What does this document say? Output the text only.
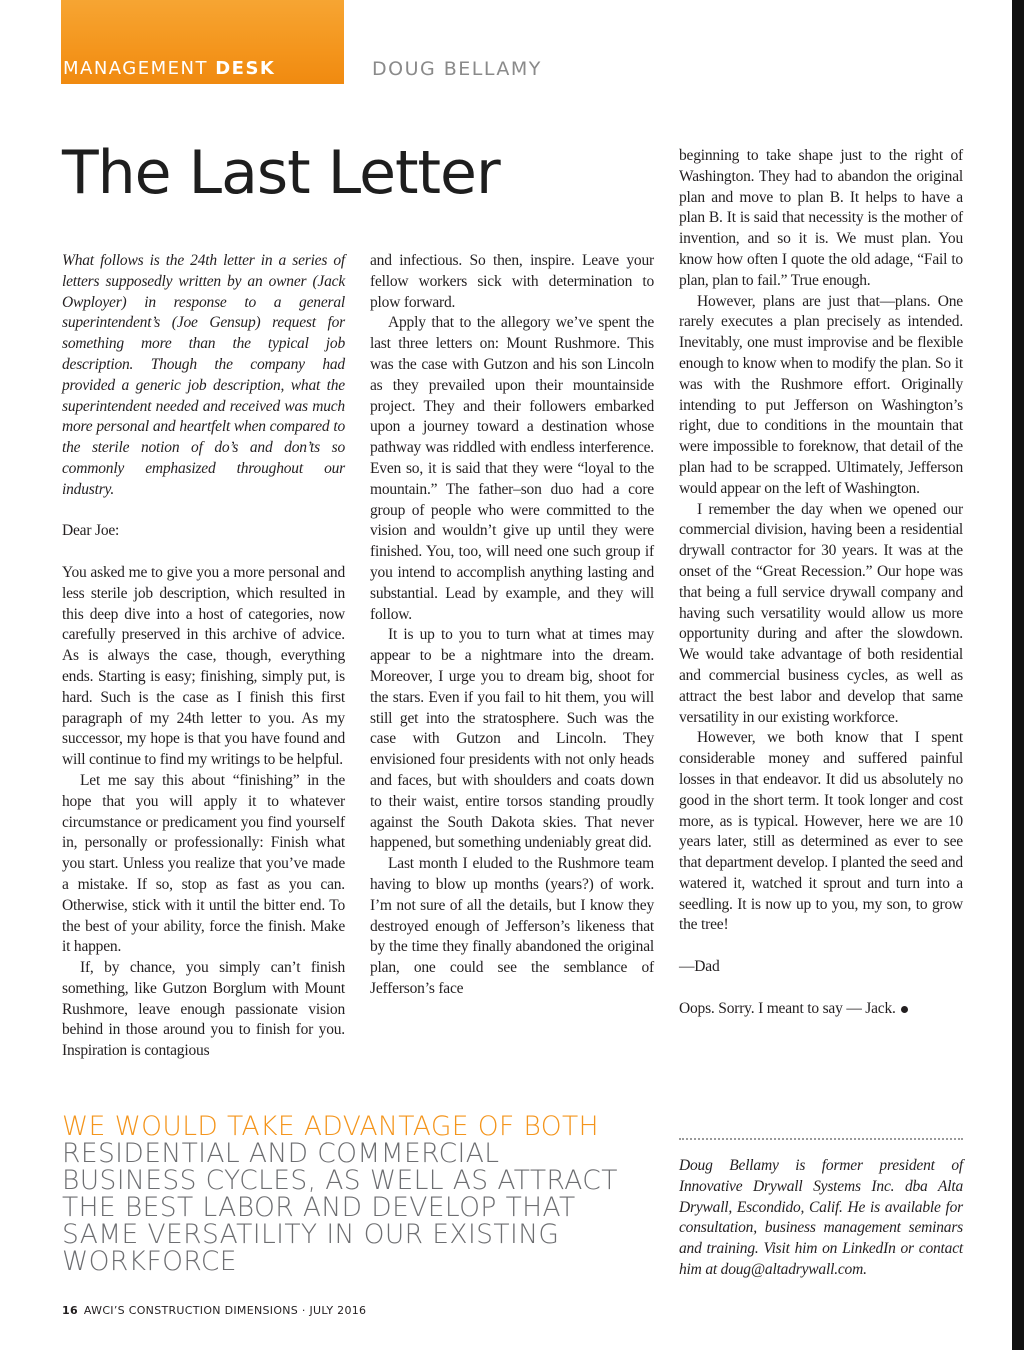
MANAGEMENT DESK	DOUG BELLAMY
The Last Letter

What follows is the 24th letter in a series of letters supposedly written by an owner (Jack Owployer) in response to a general superintendent’s (Joe Gensup) request for something more than the typical job description. Though the company had provided a generic job description, what the superintendent needed and received was much more personal and heartfelt when compared to the sterile notion of do’s and don’ts so commonly emphasized throughout our industry.

Dear Joe:

You asked me to give you a more personal and less sterile job description, which resulted in this deep dive into a host of categories, now carefully preserved in this archive of advice. As is always the case, though, everything ends. Starting is easy; finishing, simply put, is hard. Such is the case as I finish this first paragraph of my 24th letter to you. As my successor, my hope is that you have found and will continue to find my writings to be helpful.

Let me say this about “finishing” in the hope that you will apply it to whatever circumstance or predicament you find yourself in, personally or professionally: Finish what you start. Unless you realize that you’ve made a mistake. If so, stop as fast as you can. Otherwise, stick with it until the bitter end. To the best of your ability, force the finish. Make it happen.

If, by chance, you simply can’t finish something, like Gutzon Borglum with Mount Rushmore, leave enough passionate vision behind in those around you to finish for you. Inspiration is contagious

and infectious. So then, inspire. Leave your fellow workers sick with determination to plow forward.

Apply that to the allegory we’ve spent the last three letters on: Mount Rushmore. This was the case with Gutzon and his son Lincoln as they prevailed upon their mountainside project. They and their followers embarked upon a journey toward a destination whose pathway was riddled with endless interference. Even so, it is said that they were “loyal to the mountain.” The father–son duo had a core group of people who were committed to the vision and wouldn’t give up until they were finished. You, too, will need one such group if you intend to accomplish anything lasting and substantial. Lead by example, and they will follow.

It is up to you to turn what at times may appear to be a nightmare into the dream. Moreover, I urge you to dream big, shoot for the stars. Even if you fail to hit them, you will still get into the stratosphere. Such was the case with Gutzon and Lincoln. They envisioned four presidents with not only heads and faces, but with shoulders and coats down to their waist, entire torsos standing proudly against the South Dakota skies. That never happened, but something undeniably great did.

Last month I eluded to the Rushmore team having to blow up months (years?) of work. I’m not sure of all the details, but I know they destroyed enough of Jefferson’s likeness that by the time they finally abandoned the original plan, one could see the semblance of Jefferson’s face

beginning to take shape just to the right of Washington. They had to abandon the original plan and move to plan B. It helps to have a plan B. It is said that necessity is the mother of invention, and so it is. We must plan. You know how often I quote the old adage, “Fail to plan, plan to fail.” True enough.

However, plans are just that—plans. One rarely executes a plan precisely as intended. Inevitably, one must improvise and be flexible enough to know when to modify the plan. So it was with the Rushmore effort. Originally intending to put Jefferson on Washington’s right, due to conditions in the mountain that were impossible to foreknow, that detail of the plan had to be scrapped. Ultimately, Jefferson would appear on the left of Washington.

I remember the day when we opened our commercial division, having been a residential drywall contractor for 30 years. It was at the onset of the “Great Recession.” Our hope was that being a full service drywall company and having such versatility would allow us more opportunity during and after the slowdown. We would take advantage of both residential and commercial business cycles, as well as attract the best labor and develop that same versatility in our existing workforce.

However, we both know that I spent considerable money and suffered painful losses in that endeavor. It did us absolutely no good in the short term. It took longer and cost more, as is typical. However, here we are 10 years later, still as determined as ever to see that department develop. I planted the seed and watered it, watched it sprout and turn into a seedling. It is now up to you, my son, to grow the tree!

—Dad

Oops. Sorry. I meant to say — Jack.

WE WOULD TAKE ADVANTAGE OF BOTH RESIDENTIAL AND COMMERCIAL BUSINESS CYCLES, AS WELL AS ATTRACT THE BEST LABOR AND DEVELOP THAT SAME VERSATILITY IN OUR EXISTING WORKFORCE
Doug Bellamy is former president of Innovative Drywall Systems Inc. dba Alta Drywall, Escondido, Calif. He is available for consultation, business management seminars and training. Visit him on LinkedIn or contact him at doug@altadrywall.com.
16 AWCI’S CONSTRUCTION DIMENSIONS · JULY 2016
